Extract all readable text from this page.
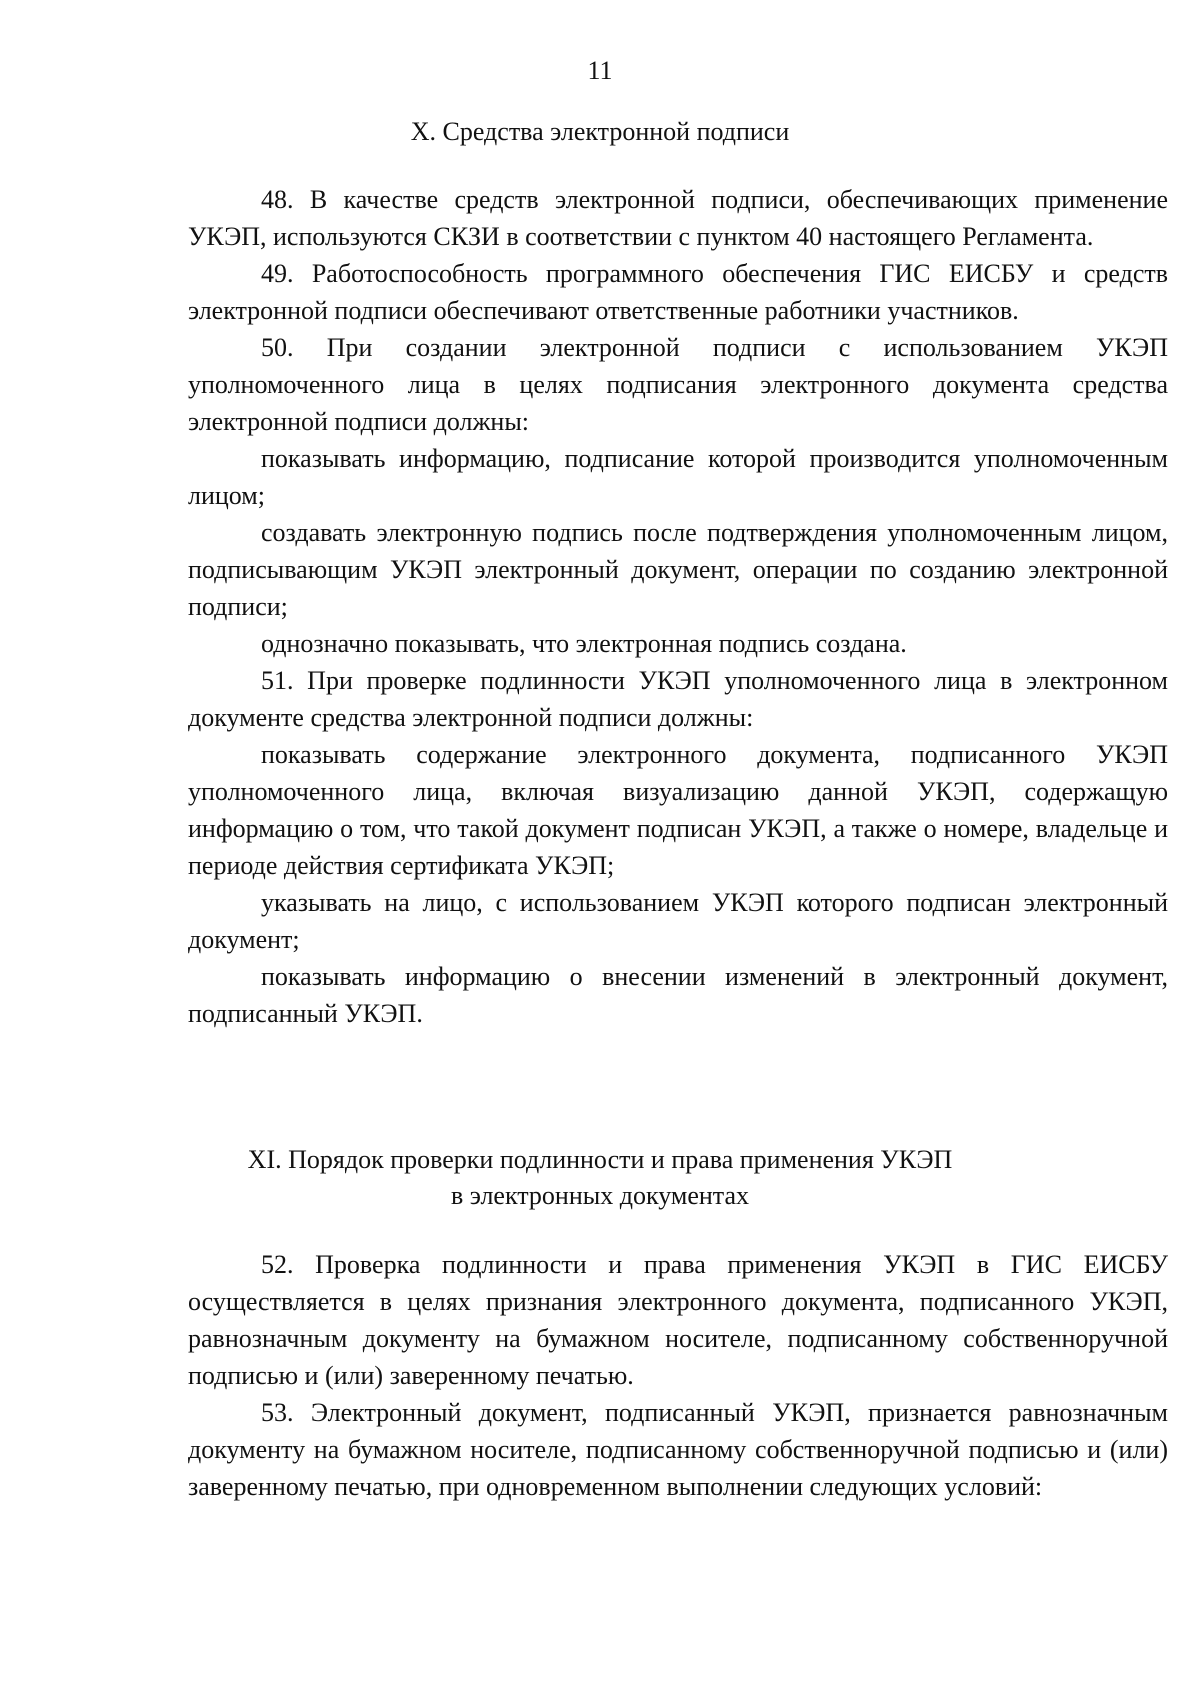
11
X. Средства электронной подписи

48. В качестве средств электронной подписи, обеспечивающих применение УКЭП, используются СКЗИ в соответствии с пунктом 40 настоящего Регламента.

49. Работоспособность программного обеспечения ГИС ЕИСБУ и средств электронной подписи обеспечивают ответственные работники участников.

50. При создании электронной подписи с использованием УКЭП уполномоченного лица в целях подписания электронного документа средства электронной подписи должны:

показывать информацию, подписание которой производится уполномоченным лицом;

создавать электронную подпись после подтверждения уполномоченным лицом, подписывающим УКЭП электронный документ, операции по созданию электронной подписи;

однозначно показывать, что электронная подпись создана.

51. При проверке подлинности УКЭП уполномоченного лица в электронном документе средства электронной подписи должны:

показывать содержание электронного документа, подписанного УКЭП уполномоченного лица, включая визуализацию данной УКЭП, содержащую информацию о том, что такой документ подписан УКЭП, а также о номере, владельце и периоде действия сертификата УКЭП;

указывать на лицо, с использованием УКЭП которого подписан электронный документ;

показывать информацию о внесении изменений в электронный документ, подписанный УКЭП.

XI. Порядок проверки подлинности и права применения УКЭП
в электронных документах

52. Проверка подлинности и права применения УКЭП в ГИС ЕИСБУ осуществляется в целях признания электронного документа, подписанного УКЭП, равнозначным документу на бумажном носителе, подписанному собственноручной подписью и (или) заверенному печатью.

53. Электронный документ, подписанный УКЭП, признается равнозначным документу на бумажном носителе, подписанному собственноручной подписью и (или) заверенному печатью, при одновременном выполнении следующих условий:
